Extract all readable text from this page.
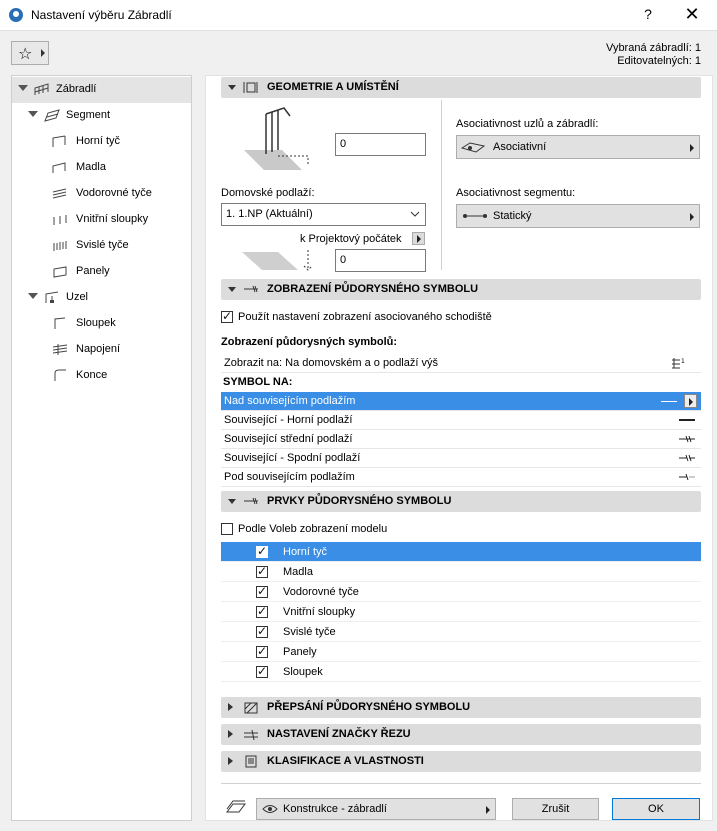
Nastavení výběru Zábradlí	?	✕
☆	Vybraná zábradlí: 1
Editovatelných: 1
Zábradlí
Segment
Horní tyč
Madla
Vodorovné tyče
Vnitřní sloupky
Svislé tyče
Panely
Uzel
Sloupek
Napojení
Konce
GEOMETRIE A UMÍSTĚNÍ
0
Domovské podlaží:
1. 1.NP (Aktuální)
k Projektový počátek
0
Asociativnost uzlů a zábradlí:
Asociativní
Asociativnost segmentu:
Statický
ZOBRAZENÍ PŮDORYSNÉHO SYMBOLU
✓
Použít nastavení zobrazení asociovaného schodiště
Zobrazení půdorysných symbolů:
Zobrazit na: Na domovském a o podlaží výš	1
SYMBOL NA:
Nad souvisejícím podlažím
Související - Horní podlaží
Související střední podlaží
Související - Spodní podlaží
Pod souvisejícím podlažím
PRVKY PŮDORYSNÉHO SYMBOLU
Podle Voleb zobrazení modelu
✓
Horní tyč
✓
Madla
✓
Vodorovné tyče
✓
Vnitřní sloupky
✓
Svislé tyče
✓
Panely
✓
Sloupek
PŘEPSÁNÍ PŮDORYSNÉHO SYMBOLU
NASTAVENÍ ZNAČKY ŘEZU
KLASIFIKACE A VLASTNOSTI
Konstrukce - zábradlí	Zrušit	OK
